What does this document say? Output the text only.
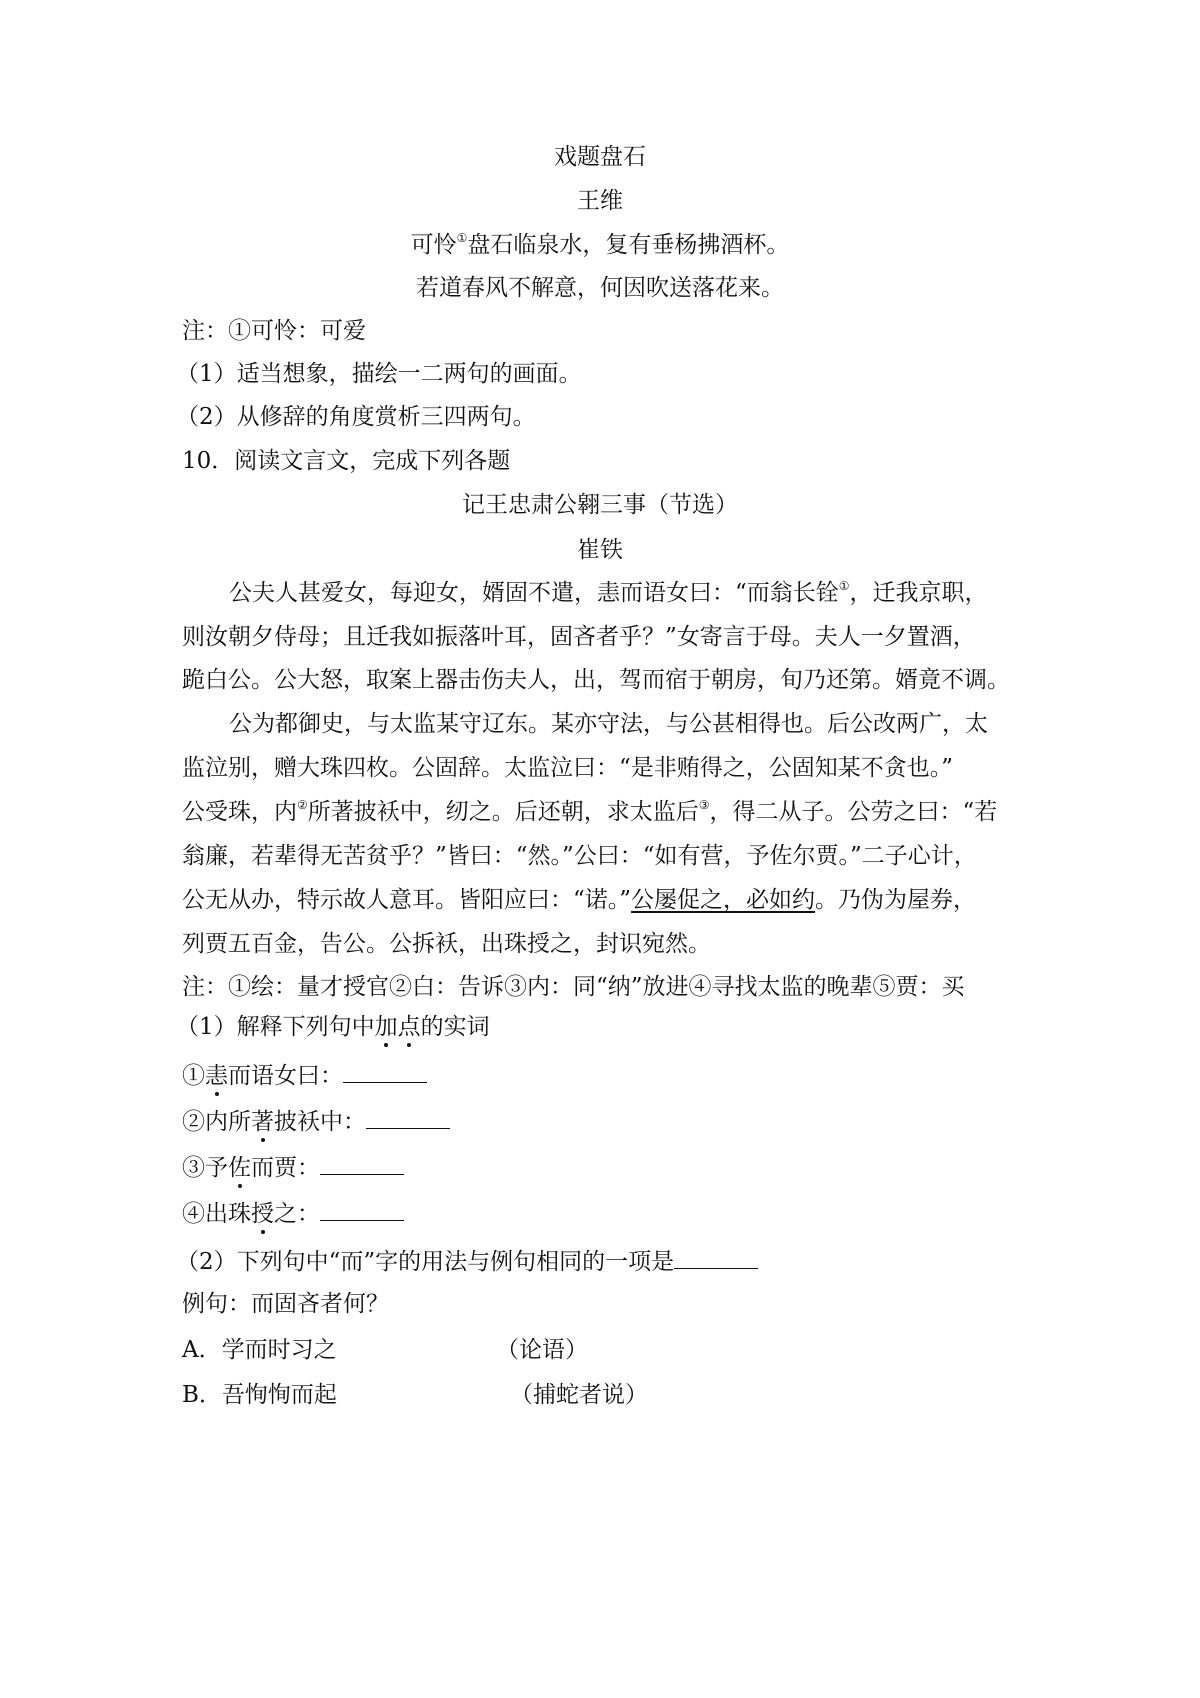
戏题盘石
王维
可怜①盘石临泉水，复有垂杨拂酒杯。
若道春风不解意，何因吹送落花来。
注：①可怜：可爱
（1）适当想象，描绘一二两句的画面。
（2）从修辞的角度赏析三四两句。
10．阅读文言文，完成下列各题
记王忠肃公翱三事（节选）
崔铁
公夫人甚爱女，每迎女，婿固不遣，恚而语女曰：“而翁长铨①，迁我京职，
则汝朝夕侍母；且迁我如振落叶耳，固吝者乎？”女寄言于母。夫人一夕置酒，
跪白公。公大怒，取案上器击伤夫人，出，驾而宿于朝房，旬乃还第。婿竟不调。
公为都御史，与太监某守辽东。某亦守法，与公甚相得也。后公改两广，太
监泣别，赠大珠四枚。公固辞。太监泣曰：“是非贿得之，公固知某不贪也。”
公受珠，内②所著披袄中，纫之。后还朝，求太监后③，得二从子。公劳之曰：“若
翁廉，若辈得无苦贫乎？”皆曰：“然。”公曰：“如有营，予佐尔贾。”二子心计，
公无从办，特示故人意耳。皆阳应曰：“诺。”公屡促之，必如约。乃伪为屋券，
列贾五百金，告公。公拆袄，出珠授之，封识宛然。
注：①绘：量才授官②白：告诉③内：同“纳”放进④寻找太监的晚辈⑤贾：买
（1）解释下列句中加点的实词
①恚而语女曰：
②内所著披袄中：
③予佐而贾：
④出珠授之：
（2）下列句中“而”字的用法与例句相同的一项是
例句：而固吝者何？
A．学而时习之	（论语）
B．吾恂恂而起	（捕蛇者说）
